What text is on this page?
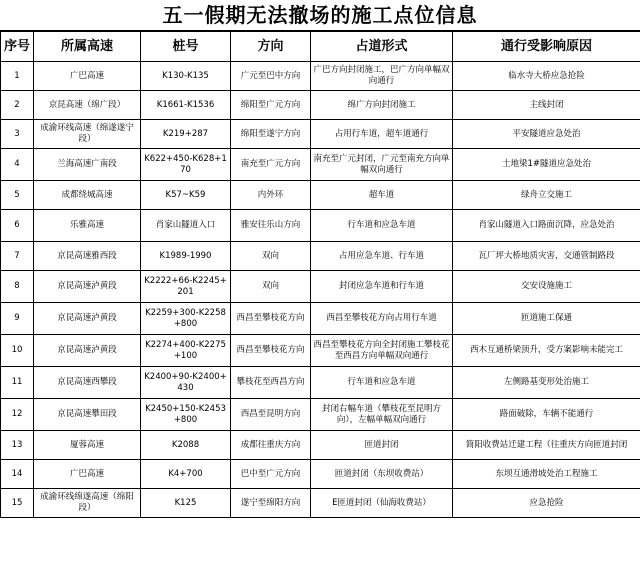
五一假期无法撤场的施工点位信息
序号	所属高速	桩号	方向	占道形式	通行受影响原因
1	广巴高速	K130-K135	广元至巴中方向	广巴方向封闭施工，巴广方向单幅双向通行	临水寺大桥应急抢险
2	京昆高速（绵广段）	K1661-K1536	绵阳至广元方向	绵广方向封闭施工	主线封闭
3	成渝环线高速（绵遂遂宁段）	K219+287	绵阳至遂宁方向	占用行车道，超车道通行	平安隧道应急处治
4	兰海高速广南段	K622+450-K628+170	南充至广元方向	南充至广元封闭，广元至南充方向单幅双向通行	土地梁1#隧道应急处治
5	成都绕城高速	K57~K59	内外环	超车道	绿舟立交施工
6	乐雅高速	肖家山隧道入口	雅安往乐山方向	行车道和应急车道	肖家山隧道入口路面沉降，应急处治
7	京昆高速雅西段	K1989-1990	双向	占用应急车道、行车道	瓦厂坪大桥地质灾害，交通管制路段
8	京昆高速泸黄段	K2222+66-K2245+201	双向	封闭应急车道和行车道	交安设施施工
9	京昆高速泸黄段	K2259+300-K2258+800	西昌至攀枝花方向	西昌至攀枝花方向占用行车道	匝道施工保通
10	京昆高速泸黄段	K2274+400-K2275+100	西昌至攀枝花方向	西昌至攀枝花方向全封闭施工攀枝花至西昌方向单幅双向通行	西木互通桥梁顶升，受方案影响未能完工
11	京昆高速西攀段	K2400+90-K2400+430	攀枝花至西昌方向	行车道和应急车道	左侧路基变形处治施工
12	京昆高速攀田段	K2450+150-K2453+800	西昌至昆明方向	封闭右幅车道（攀枝花至昆明方向），左幅单幅双向通行	路面破除，车辆不能通行
13	厦蓉高速	K2088	成都往重庆方向	匝道封闭	简阳收费站迁建工程（往重庆方向匝道封闭
14	广巴高速	K4+700	巴中至广元方向	匝道封闭（东坝收费站）	东坝互通滑坡处治工程施工
15	成渝环线绵遂高速（绵阳段）	K125	遂宁至绵阳方向	E匝道封闭（仙海收费站）	应急抢险
